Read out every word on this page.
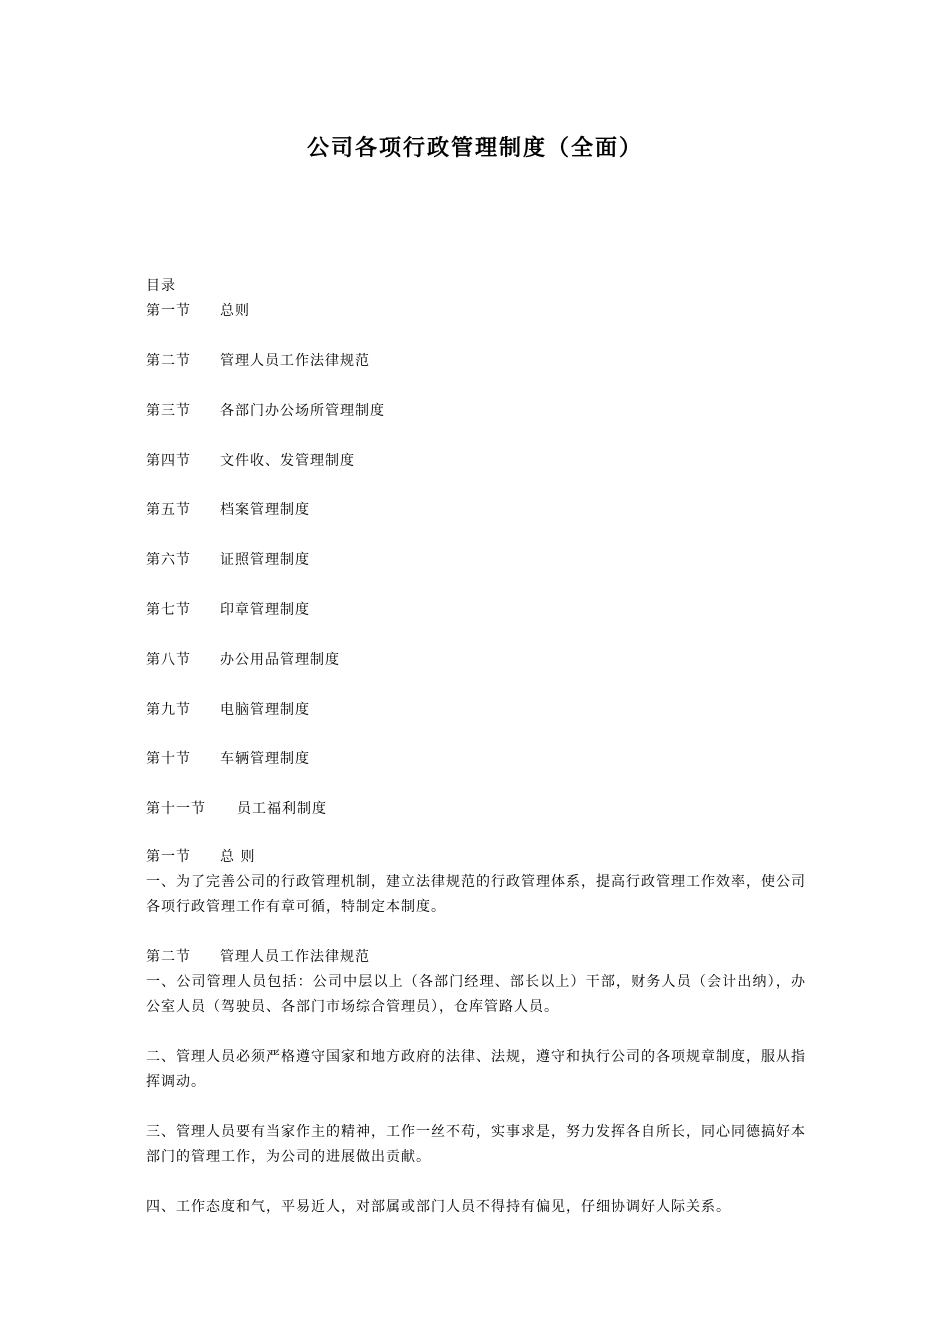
公司各项行政管理制度（全面）
目录
第一节 总则
第二节 管理人员工作法律规范
第三节 各部门办公场所管理制度
第四节 文件收、发管理制度
第五节 档案管理制度
第六节 证照管理制度
第七节 印章管理制度
第八节 办公用品管理制度
第九节 电脑管理制度
第十节 车辆管理制度
第十一节 员工福利制度
第一节 总 则

一、为了完善公司的行政管理机制，建立法律规范的行政管理体系，提高行政管理工作效率，使公司各项行政管理工作有章可循，特制定本制度。

第二节 管理人员工作法律规范

一、公司管理人员包括：公司中层以上（各部门经理、部长以上）干部，财务人员（会计出纳），办公室人员（驾驶员、各部门市场综合管理员），仓库管路人员。

二、管理人员必须严格遵守国家和地方政府的法律、法规，遵守和执行公司的各项规章制度，服从指挥调动。

三、管理人员要有当家作主的精神，工作一丝不苟，实事求是，努力发挥各自所长，同心同德搞好本部门的管理工作，为公司的进展做出贡献。

四、工作态度和气，平易近人，对部属或部门人员不得持有偏见，仔细协调好人际关系。
